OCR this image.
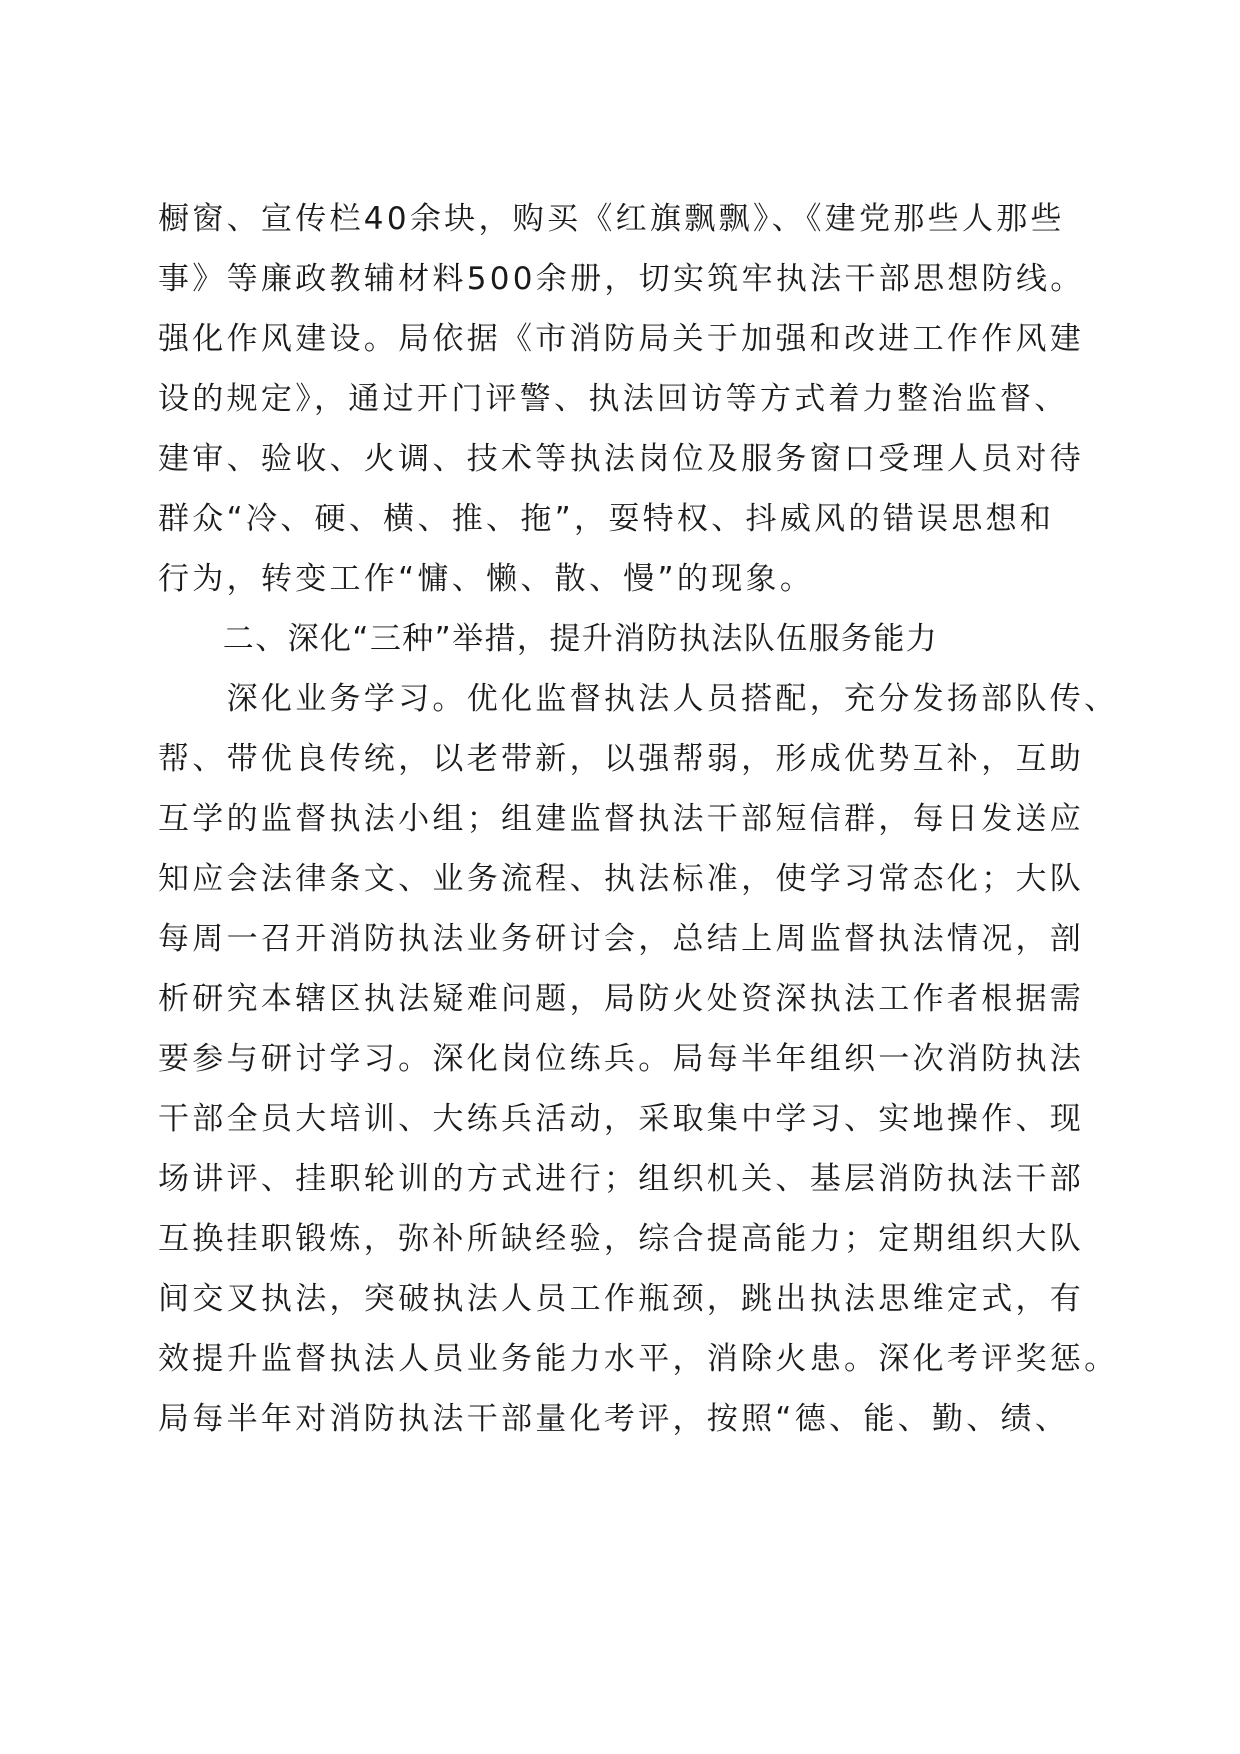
橱窗、宣传栏40余块，购买《红旗飘飘》、《建党那些人那些
事》等廉政教辅材料500余册，切实筑牢执法干部思想防线。
强化作风建设。局依据《市消防局关于加强和改进工作作风建
设的规定》，通过开门评警、执法回访等方式着力整治监督、
建审、验收、火调、技术等执法岗位及服务窗口受理人员对待
群众“冷、硬、横、推、拖”，耍特权、抖威风的错误思想和
行为，转变工作“慵、懒、散、慢”的现象。
　　二、深化“三种”举措，提升消防执法队伍服务能力
　　深化业务学习。优化监督执法人员搭配，充分发扬部队传、
帮、带优良传统，以老带新，以强帮弱，形成优势互补，互助
互学的监督执法小组；组建监督执法干部短信群，每日发送应
知应会法律条文、业务流程、执法标准，使学习常态化；大队
每周一召开消防执法业务研讨会，总结上周监督执法情况，剖
析研究本辖区执法疑难问题，局防火处资深执法工作者根据需
要参与研讨学习。深化岗位练兵。局每半年组织一次消防执法
干部全员大培训、大练兵活动，采取集中学习、实地操作、现
场讲评、挂职轮训的方式进行；组织机关、基层消防执法干部
互换挂职锻炼，弥补所缺经验，综合提高能力；定期组织大队
间交叉执法，突破执法人员工作瓶颈，跳出执法思维定式，有
效提升监督执法人员业务能力水平，消除火患。深化考评奖惩。
局每半年对消防执法干部量化考评，按照“德、能、勤、绩、
